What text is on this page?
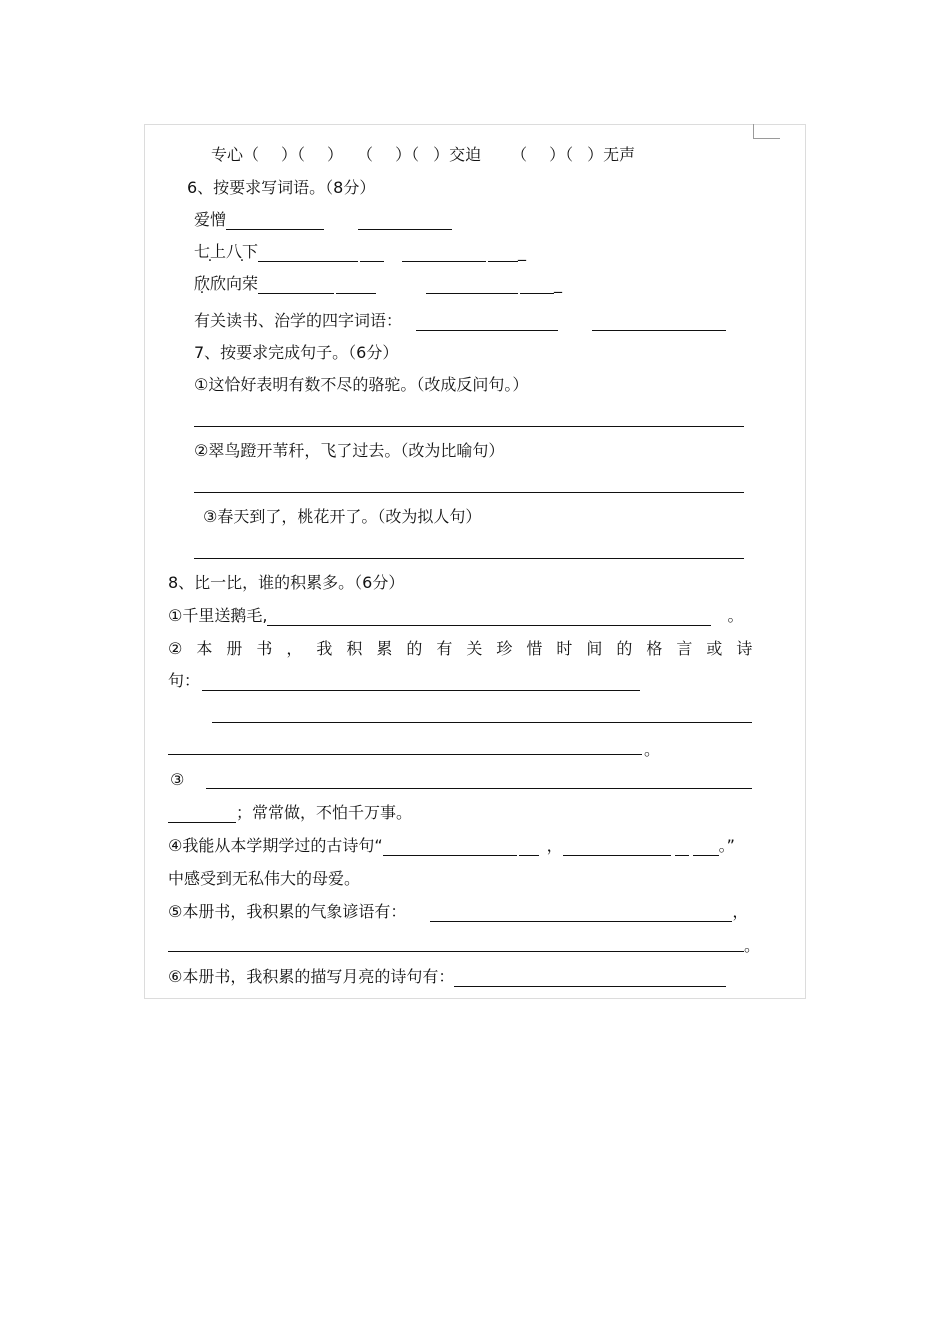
专心（ ）（ ） （ ）（ ）交迫 （ ）（ ）无声
6、按要求写词语。（8分）
爱憎
七上八下	_
欣欣向荣	_
有关读书、治学的四字词语：
7、按要求完成句子。（6分）
①这恰好表明有数不尽的骆驼。（改成反问句。）
②翠鸟蹬开苇秆，飞了过去。（改为比喻句）
③春天到了，桃花开了。（改为拟人句）
8、比一比，谁的积累多。（6分）
①千里送鹅毛,	。
②本册书，我积累的有关珍惜时间的格言或诗
句：
。
③
；常常做，不怕千万事。
④我能从本学期学过的古诗句“	，	。”
中感受到无私伟大的母爱。
⑤本册书，我积累的气象谚语有：	，
。
⑥本册书，我积累的描写月亮的诗句有：
